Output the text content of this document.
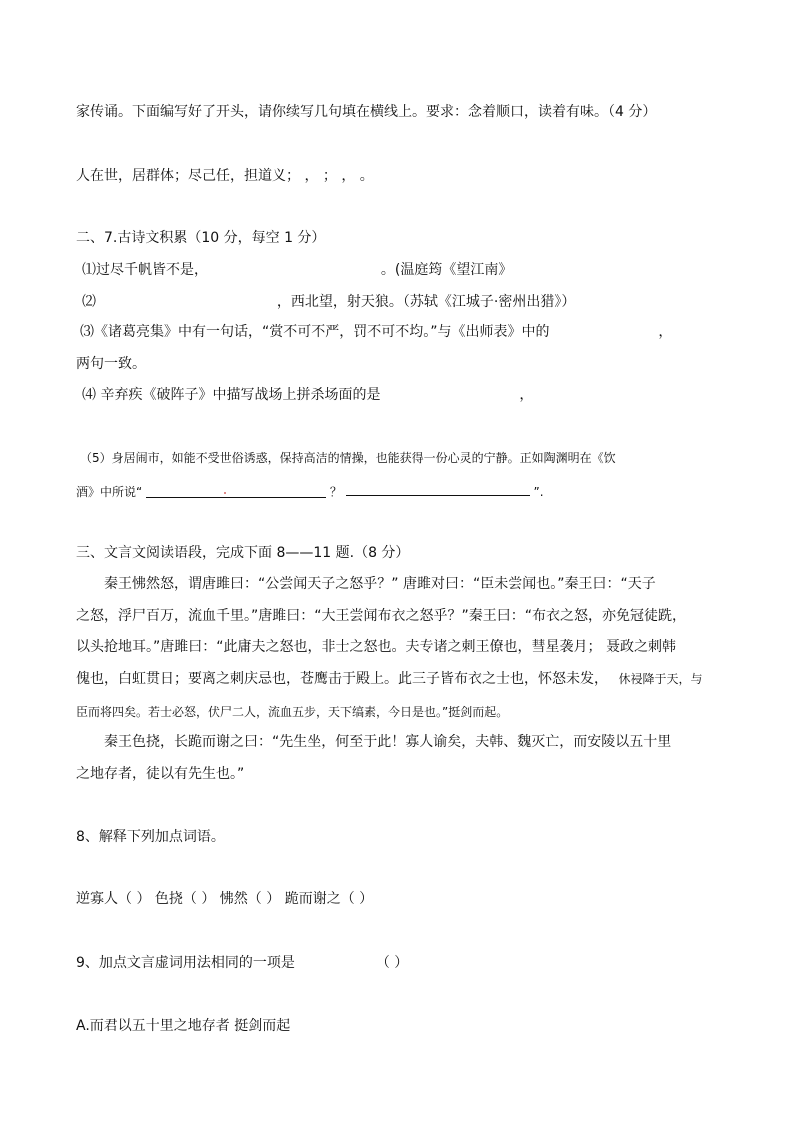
家传诵。下面编写好了开头，请你续写几句填在横线上。要求：念着顺口，读着有味。（4 分）
人在世，居群体；尽己任，担道义； ， ； ， 。
二、7.古诗文积累（10 分，每空 1 分）
⑴过尽千帆皆不是，	。(温庭筠《望江南》
⑵	，西北望，射天狼。（苏轼《江城子·密州出猎》）
⑶《诸葛亮集》中有一句话，“赏不可不严，罚不可不均。”与《出师表》中的	，
两句一致。
⑷ 辛弃疾《破阵子》中描写战场上拼杀场面的是	，
（5）身居闹市，如能不受世俗诱惑，保持高洁的情操，也能获得一份心灵的宁静。正如陶渊明在《饮
酒》中所说“	？	”.
三、文言文阅读语段，完成下面 8——11 题.（8 分）
秦王怫然怒，谓唐雎曰：“公尝闻天子之怒乎？” 唐雎对曰：“臣未尝闻也。”秦王曰：“天子
之怒，浮尸百万，流血千里。”唐雎曰：“大王尝闻布衣之怒乎？”秦王曰：“布衣之怒，亦免冠徒跣，
以头抢地耳。”唐雎曰：“此庸夫之怒也，非士之怒也。夫专诸之刺王僚也，彗星袭月； 聂政之刺韩
傀也，白虹贯日；要离之刺庆忌也，苍鹰击于殿上。此三子皆布衣之士也，怀怒未发， 休祲降于天，与
臣而将四矣。若士必怒，伏尸二人，流血五步，天下缟素，今日是也。”挺剑而起。
秦王色挠，长跪而谢之曰：“先生坐，何至于此！寡人谕矣，夫韩、魏灭亡，而安陵以五十里
之地存者，徒以有先生也。”
8、解释下列加点词语。
逆寡人（ ） 色挠（ ） 怫然（ ） 跪而谢之（ ）
9、加点文言虚词用法相同的一项是	（ ）
A.而君以五十里之地存者 挺剑而起
